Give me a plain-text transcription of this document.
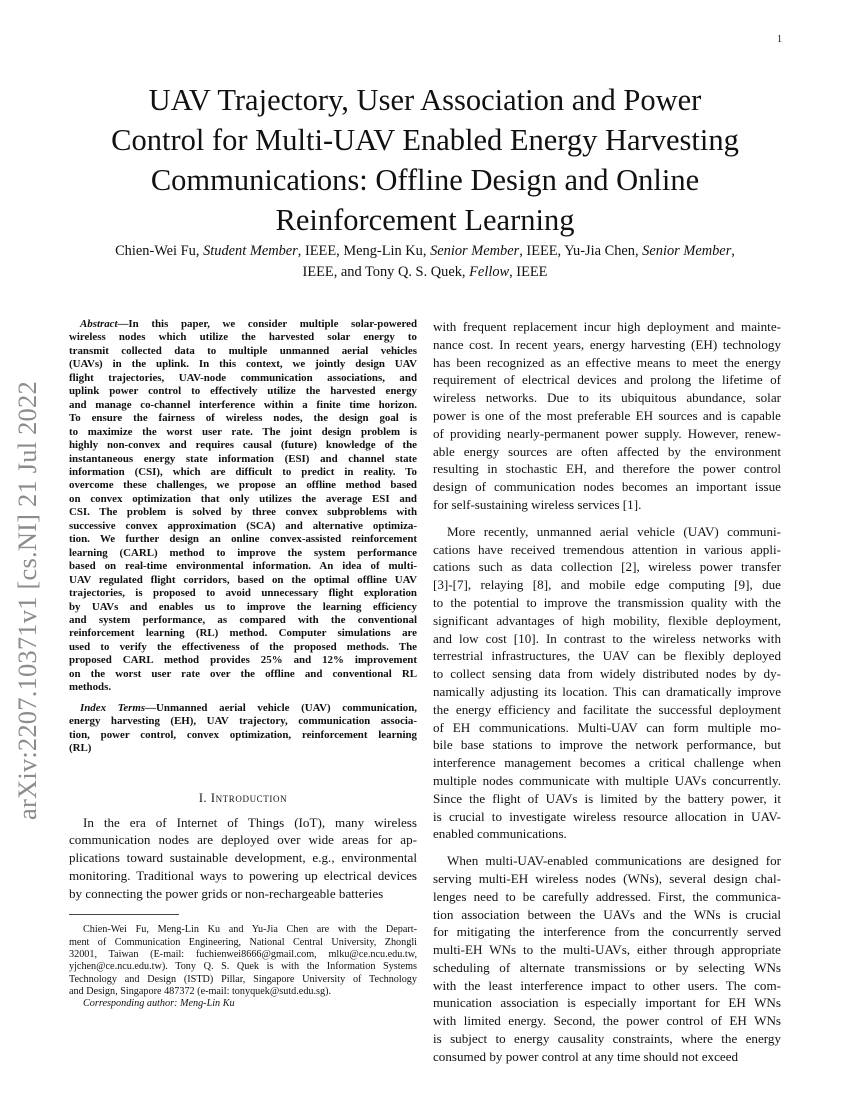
1
arXiv:2207.10371v1 [cs.NI] 21 Jul 2022
UAV Trajectory, User Association and Power
Control for Multi-UAV Enabled Energy Harvesting
Communications: Offline Design and Online
Reinforcement Learning
Chien-Wei Fu, Student Member, IEEE, Meng-Lin Ku, Senior Member, IEEE, Yu-Jia Chen, Senior Member,
IEEE, and Tony Q. S. Quek, Fellow, IEEE
Abstract—In this paper, we consider multiple solar-powered
wireless nodes which utilize the harvested solar energy to
transmit collected data to multiple unmanned aerial vehicles
(UAVs) in the uplink. In this context, we jointly design UAV
flight trajectories, UAV-node communication associations, and
uplink power control to effectively utilize the harvested energy
and manage co-channel interference within a finite time horizon.
To ensure the fairness of wireless nodes, the design goal is
to maximize the worst user rate. The joint design problem is
highly non-convex and requires causal (future) knowledge of the
instantaneous energy state information (ESI) and channel state
information (CSI), which are difficult to predict in reality. To
overcome these challenges, we propose an offline method based
on convex optimization that only utilizes the average ESI and
CSI. The problem is solved by three convex subproblems with
successive convex approximation (SCA) and alternative optimiza-
tion. We further design an online convex-assisted reinforcement
learning (CARL) method to improve the system performance
based on real-time environmental information. An idea of multi-
UAV regulated flight corridors, based on the optimal offline UAV
trajectories, is proposed to avoid unnecessary flight exploration
by UAVs and enables us to improve the learning efficiency
and system performance, as compared with the conventional
reinforcement learning (RL) method. Computer simulations are
used to verify the effectiveness of the proposed methods. The
proposed CARL method provides 25% and 12% improvement
on the worst user rate over the offline and conventional RL
methods.
Index Terms—Unmanned aerial vehicle (UAV) communication,
energy harvesting (EH), UAV trajectory, communication associa-
tion, power control, convex optimization, reinforcement learning
(RL)
I. Introduction
In the era of Internet of Things (IoT), many wireless
communication nodes are deployed over wide areas for ap-
plications toward sustainable development, e.g., environmental
monitoring. Traditional ways to powering up electrical devices
by connecting the power grids or non-rechargeable batteries
Chien-Wei Fu, Meng-Lin Ku and Yu-Jia Chen are with the Depart-
ment of Communication Engineering, National Central University, Zhongli
32001, Taiwan (E-mail: fuchienwei8666@gmail.com, mlku@ce.ncu.edu.tw,
yjchen@ce.ncu.edu.tw). Tony Q. S. Quek is with the Information Systems
Technology and Design (ISTD) Pillar, Singapore University of Technology
and Design, Singapore 487372 (e-mail: tonyquek@sutd.edu.sg).
Corresponding author: Meng-Lin Ku
with frequent replacement incur high deployment and mainte-
nance cost. In recent years, energy harvesting (EH) technology
has been recognized as an effective means to meet the energy
requirement of electrical devices and prolong the lifetime of
wireless networks. Due to its ubiquitous abundance, solar
power is one of the most preferable EH sources and is capable
of providing nearly-permanent power supply. However, renew-
able energy sources are often affected by the environment
resulting in stochastic EH, and therefore the power control
design of communication nodes becomes an important issue
for self-sustaining wireless services [1].
More recently, unmanned aerial vehicle (UAV) communi-
cations have received tremendous attention in various appli-
cations such as data collection [2], wireless power transfer
[3]-[7], relaying [8], and mobile edge computing [9], due
to the potential to improve the transmission quality with the
significant advantages of high mobility, flexible deployment,
and low cost [10]. In contrast to the wireless networks with
terrestrial infrastructures, the UAV can be flexibly deployed
to collect sensing data from widely distributed nodes by dy-
namically adjusting its location. This can dramatically improve
the energy efficiency and facilitate the successful deployment
of EH communications. Multi-UAV can form multiple mo-
bile base stations to improve the network performance, but
interference management becomes a critical challenge when
multiple nodes communicate with multiple UAVs concurrently.
Since the flight of UAVs is limited by the battery power, it
is crucial to investigate wireless resource allocation in UAV-
enabled communications.
When multi-UAV-enabled communications are designed for
serving multi-EH wireless nodes (WNs), several design chal-
lenges need to be carefully addressed. First, the communica-
tion association between the UAVs and the WNs is crucial
for mitigating the interference from the concurrently served
multi-EH WNs to the multi-UAVs, either through appropriate
scheduling of alternate transmissions or by selecting WNs
with the least interference impact to other users. The com-
munication association is especially important for EH WNs
with limited energy. Second, the power control of EH WNs
is subject to energy causality constraints, where the energy
consumed by power control at any time should not exceed
